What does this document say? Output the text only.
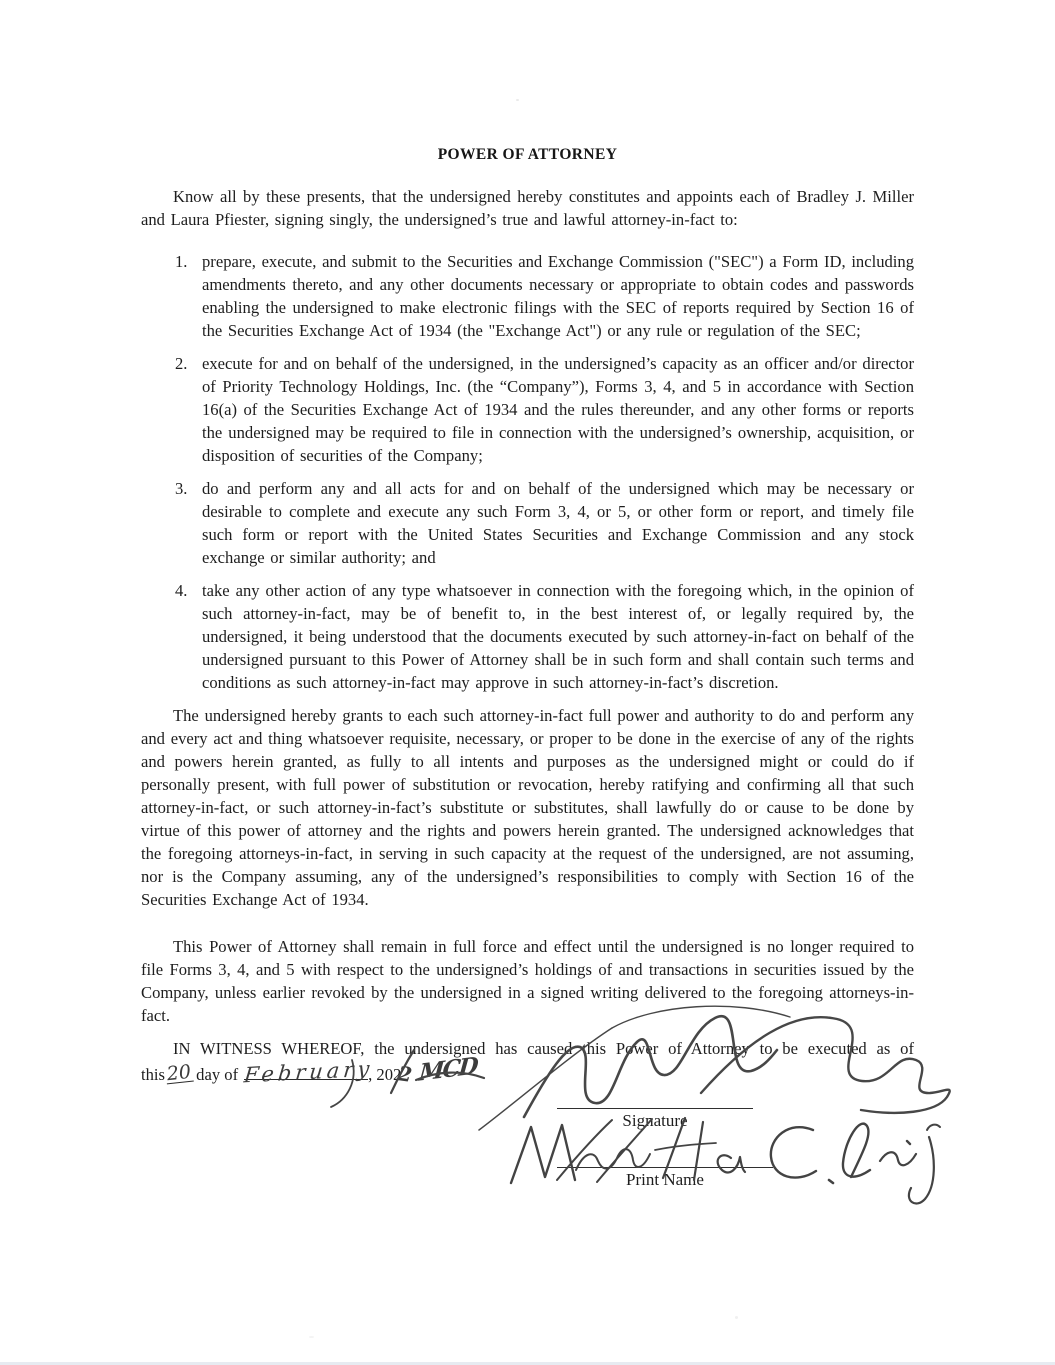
POWER OF ATTORNEY

Know all by these presents, that the undersigned hereby constitutes and appoints each of Bradley J. Miller and Laura Pfiester, signing singly, the undersigned’s true and lawful attorney-in-fact to:

1. prepare, execute, and submit to the Securities and Exchange Commission ("SEC") a Form ID, including amendments thereto, and any other documents necessary or appropriate to obtain codes and passwords enabling the undersigned to make electronic filings with the SEC of reports required by Section 16 of the Securities Exchange Act of 1934 (the "Exchange Act") or any rule or regulation of the SEC;
2. execute for and on behalf of the undersigned, in the undersigned’s capacity as an officer and/or director of Priority Technology Holdings, Inc. (the “Company”), Forms 3, 4, and 5 in accordance with Section 16(a) of the Securities Exchange Act of 1934 and the rules thereunder, and any other forms or reports the undersigned may be required to file in connection with the undersigned’s ownership, acquisition, or disposition of securities of the Company;
3. do and perform any and all acts for and on behalf of the undersigned which may be necessary or desirable to complete and execute any such Form 3, 4, or 5, or other form or report, and timely file such form or report with the United States Securities and Exchange Commission and any stock exchange or similar authority; and
4. take any other action of any type whatsoever in connection with the foregoing which, in the opinion of such attorney-in-fact, may be of benefit to, in the best interest of, or legally required by, the undersigned, it being understood that the documents executed by such attorney-in-fact on behalf of the undersigned pursuant to this Power of Attorney shall be in such form and shall contain such terms and conditions as such attorney-in-fact may approve in such attorney-in-fact’s discretion.

The undersigned hereby grants to each such attorney-in-fact full power and authority to do and perform any and every act and thing whatsoever requisite, necessary, or proper to be done in the exercise of any of the rights and powers herein granted, as fully to all intents and purposes as the undersigned might or could do if personally present, with full power of substitution or revocation, hereby ratifying and confirming all that such attorney-in-fact, or such attorney-in-fact’s substitute or substitutes, shall lawfully do or cause to be done by virtue of this power of attorney and the rights and powers herein granted. The undersigned acknowledges that the foregoing attorneys-in-fact, in serving in such capacity at the request of the undersigned, are not assuming, nor is the Company assuming, any of the undersigned’s responsibilities to comply with Section 16 of the Securities Exchange Act of 1934.

This Power of Attorney shall remain in full force and effect until the undersigned is no longer required to file Forms 3, 4, and 5 with respect to the undersigned’s holdings of and transactions in securities issued by the Company, unless earlier revoked by the undersigned in a signed writing delivered to the foregoing attorneys-in-fact.

IN WITNESS WHEREOF, the undersigned has caused this Power of Attorney to be executed as of

this20 day of February
, 2022 MCD

Signature
Print Name
